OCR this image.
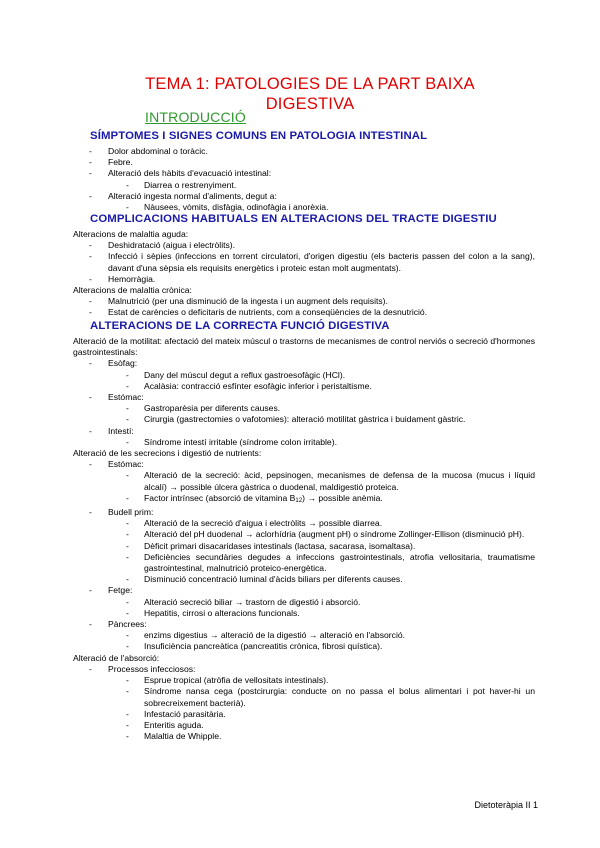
TEMA 1: PATOLOGIES DE LA PART BAIXA
DIGESTIVA
INTRODUCCIÓ
SÍMPTOMES I SIGNES COMUNS EN PATOLOGIA INTESTINAL
- Dolor abdominal o toràcic.
- Febre.
- Alteració dels hàbits d'evacuació intestinal:
- Diarrea o restrenyiment.
- Alteració ingesta normal d'aliments, degut a:
- Nàusees, vòmits, disfàgia, odinofàgia i anorèxia.
COMPLICACIONS HABITUALS EN ALTERACIONS DEL TRACTE DIGESTIU
Alteracions de malaltia aguda:
- Deshidratació (aigua i electròlits).
- Infecció i sèpies (infeccions en torrent circulatori, d'origen digestiu (els bacteris passen del colon a la sang), davant d'una sèpsia els requisits energètics i proteic estan molt augmentats).
- Hemorràgia.
Alteracions de malaltia crònica:
- Malnutrició (per una disminució de la ingesta i un augment dels requisits).
- Estat de carències o deficitaris de nutrients, com a conseqüències de la desnutrició.
ALTERACIONS DE LA CORRECTA FUNCIÓ DIGESTIVA
Alteració de la motilitat: afectació del mateix múscul o trastorns de mecanismes de control nerviós o secreció d'hormones gastrointestinals:
- Esòfag:
- Dany del múscul degut a reflux gastroesofàgic (HCl).
- Acalàsia: contracció esfínter esofàgic inferior i peristaltisme.
- Estómac:
- Gastroparèsia per diferents causes.
- Cirurgia (gastrectomies o vafotomies): alteració motilitat gàstrica i buidament gàstric.
- Intestí:
- Síndrome intestí irritable (síndrome colon irritable).
Alteració de les secrecions i digestió de nutrients:
- Estómac:
- Alteració de la secreció: àcid, pepsinogen, mecanismes de defensa de la mucosa (mucus i líquid alcalí) → possible úlcera gàstrica o duodenal, maldigestió proteica.
- Factor intrínsec (absorció de vitamina $B_{12}$) → possible anèmia.
- Budell prim:
- Alteració de la secreció d'aigua i electròlits → possible diarrea.
- Alteració del pH duodenal → aclorhídria (augment pH) o síndrome Zollinger-Ellison (disminució pH).
- Dèficit primari disacaridases intestinals (lactasa, sacarasa, isomaltasa).
- Deficiències secundàries degudes a infeccions gastrointestinals, atrofia vellositaria, traumatisme gastrointestinal, malnutrició proteico-energètica.
- Disminució concentració luminal d'àcids biliars per diferents causes.
- Fetge:
- Alteració secreció biliar → trastorn de digestió i absorció.
- Hepatitis, cirrosi o alteracions funcionals.
- Pàncrees:
- enzims digestius → alteració de la digestió → alteració en l'absorció.
- Insuficiència pancreàtica (pancreatitis crònica, fibrosi quística).
Alteració de l'absorció:
- Processos infecciosos:
- Esprue tropical (atròfia de vellositats intestinals).
- Síndrome nansa cega (postcirurgia: conducte on no passa el bolus alimentari i pot haver-hi un sobrecreixement bacterià).
- Infestació parasitària.
- Enteritis aguda.
- Malaltia de Whipple.
Dietoteràpia II 1
